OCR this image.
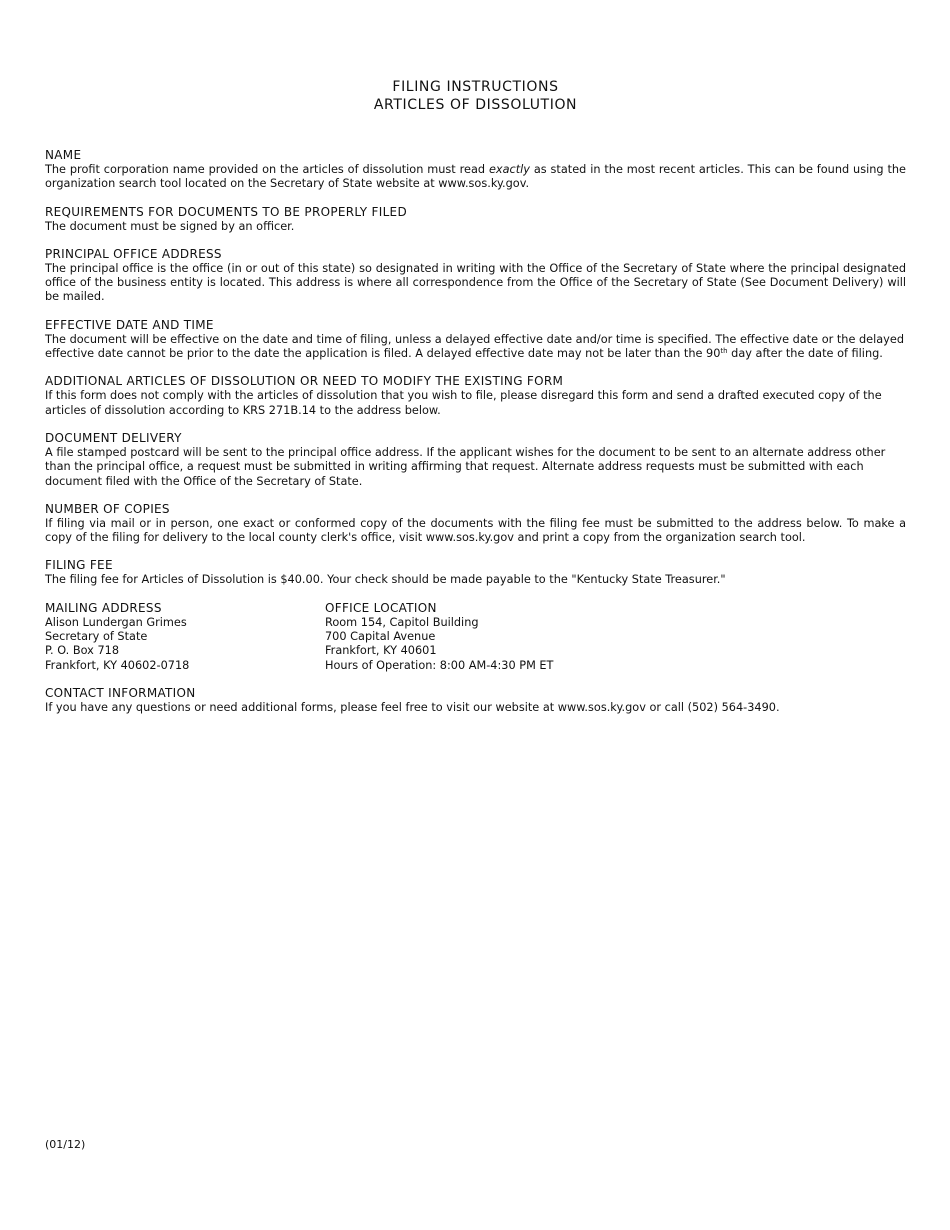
FILING INSTRUCTIONS
ARTICLES OF DISSOLUTION
NAME
The profit corporation name provided on the articles of dissolution must read exactly as stated in the most recent articles. This can be found using the organization search tool located on the Secretary of State website at www.sos.ky.gov.
REQUIREMENTS FOR DOCUMENTS TO BE PROPERLY FILED
The document must be signed by an officer.
PRINCIPAL OFFICE ADDRESS
The principal office is the office (in or out of this state) so designated in writing with the Office of the Secretary of State where the principal designated office of the business entity is located. This address is where all correspondence from the Office of the Secretary of State (See Document Delivery) will be mailed.
EFFECTIVE DATE AND TIME
The document will be effective on the date and time of filing, unless a delayed effective date and/or time is specified. The effective date or the delayed effective date cannot be prior to the date the application is filed. A delayed effective date may not be later than the 90th day after the date of filing.
ADDITIONAL ARTICLES OF DISSOLUTION OR NEED TO MODIFY THE EXISTING FORM
If this form does not comply with the articles of dissolution that you wish to file, please disregard this form and send a drafted executed copy of the articles of dissolution according to KRS 271B.14 to the address below.
DOCUMENT DELIVERY
A file stamped postcard will be sent to the principal office address. If the applicant wishes for the document to be sent to an alternate address other than the principal office, a request must be submitted in writing affirming that request. Alternate address requests must be submitted with each document filed with the Office of the Secretary of State.
NUMBER OF COPIES
If filing via mail or in person, one exact or conformed copy of the documents with the filing fee must be submitted to the address below. To make a copy of the filing for delivery to the local county clerk's office, visit www.sos.ky.gov and print a copy from the organization search tool.
FILING FEE
The filing fee for Articles of Dissolution is $40.00. Your check should be made payable to the "Kentucky State Treasurer."
MAILING ADDRESS
Alison Lundergan Grimes
Secretary of State
P. O. Box 718
Frankfort, KY 40602-0718
OFFICE LOCATION
Room 154, Capitol Building
700 Capital Avenue
Frankfort, KY 40601
Hours of Operation: 8:00 AM-4:30 PM ET
CONTACT INFORMATION
If you have any questions or need additional forms, please feel free to visit our website at www.sos.ky.gov or call (502) 564-3490.
(01/12)
